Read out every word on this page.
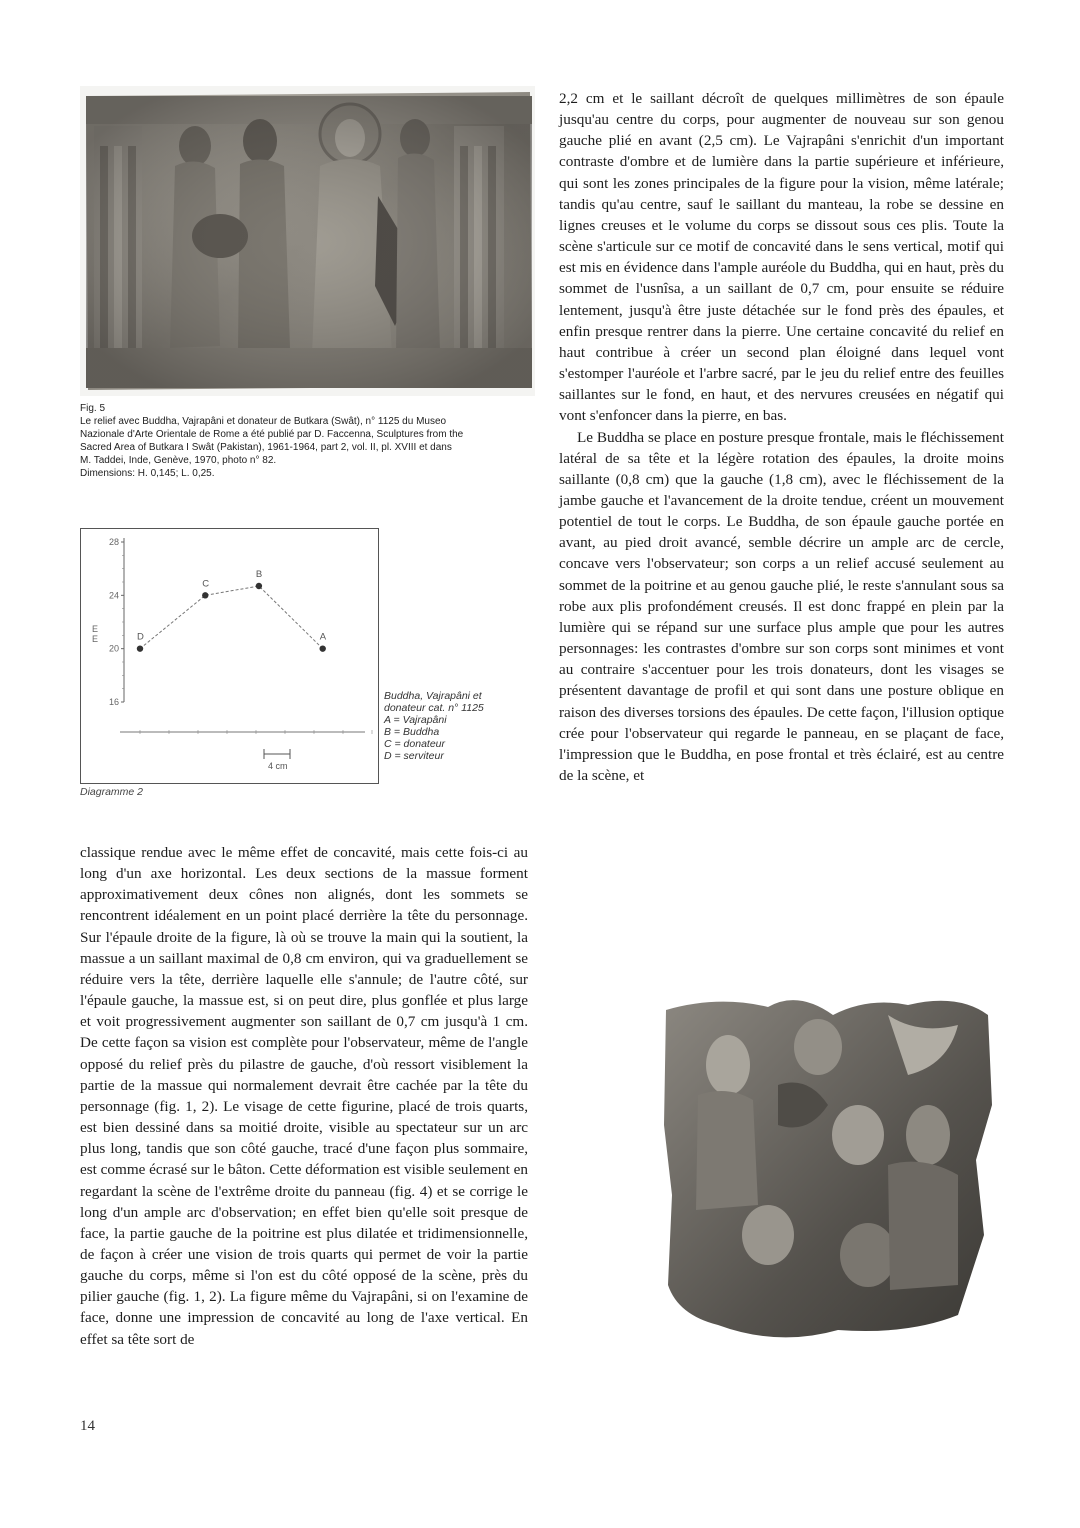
Fig. 5
Le relief avec Buddha, Vajrapâni et donateur de Butkara (Swât), n° 1125 du Museo
Nazionale d'Arte Orientale de Rome a été publié par D. Faccenna, Sculptures from the
Sacred Area of Butkara I Swât (Pakistan), 1961-1964, part 2, vol. II, pl. XVIII et dans
M. Taddei, Inde, Genève, 1970, photo n° 82.
Dimensions: H. 0,145; L. 0,25.
16
20
24
28
E
E
4 cm
D
C
B
A
Buddha, Vajrapâni et
donateur cat. n° 1125
A = Vajrapâni
B = Buddha
C = donateur
D = serviteur
Diagramme 2

2,2 cm et le saillant décroît de quelques millimètres de son épaule jusqu'au centre du corps, pour augmenter de nouveau sur son genou gauche plié en avant (2,5 cm). Le Vajrapâni s'enrichit d'un important contraste d'ombre et de lumière dans la partie supérieure et inférieure, qui sont les zones principales de la figure pour la vision, même latérale; tandis qu'au centre, sauf le saillant du manteau, la robe se dessine en lignes creuses et le volume du corps se dissout sous ces plis. Toute la scène s'articule sur ce motif de concavité dans le sens vertical, motif qui est mis en évidence dans l'ample auréole du Buddha, qui en haut, près du sommet de l'usnîsa, a un saillant de 0,7 cm, pour ensuite se réduire lentement, jusqu'à être juste détachée sur le fond près des épaules, et enfin presque rentrer dans la pierre. Une certaine concavité du relief en haut contribue à créer un second plan éloigné dans lequel vont s'estomper l'auréole et l'arbre sacré, par le jeu du relief entre des feuilles saillantes sur le fond, en haut, et des nervures creusées en négatif qui vont s'enfoncer dans la pierre, en bas.

Le Buddha se place en posture presque frontale, mais le fléchissement latéral de sa tête et la légère rotation des épaules, la droite moins saillante (0,8 cm) que la gauche (1,8 cm), avec le fléchissement de la jambe gauche et l'avancement de la droite tendue, créent un mouvement potentiel de tout le corps. Le Buddha, de son épaule gauche portée en avant, au pied droit avancé, semble décrire un ample arc de cercle, concave vers l'observateur; son corps a un relief accusé seulement au sommet de la poitrine et au genou gauche plié, le reste s'annulant sous sa robe aux plis profondément creusés. Il est donc frappé en plein par la lumière qui se répand sur une surface plus ample que pour les autres personnages: les contrastes d'ombre sur son corps sont minimes et vont au contraire s'accentuer pour les trois donateurs, dont les visages se présentent davantage de profil et qui sont dans une posture oblique en raison des diverses torsions des épaules. De cette façon, l'illusion optique crée pour l'observateur qui regarde le panneau, en se plaçant de face, l'impression que le Buddha, en pose frontal et très éclairé, est au centre de la scène, et

classique rendue avec le même effet de concavité, mais cette fois-ci au long d'un axe horizontal. Les deux sections de la massue forment approximativement deux cônes non alignés, dont les sommets se rencontrent idéalement en un point placé derrière la tête du personnage. Sur l'épaule droite de la figure, là où se trouve la main qui la soutient, la massue a un saillant maximal de 0,8 cm environ, qui va graduellement se réduire vers la tête, derrière laquelle elle s'annule; de l'autre côté, sur l'épaule gauche, la massue est, si on peut dire, plus gonflée et plus large et voit progressivement augmenter son saillant de 0,7 cm jusqu'à 1 cm. De cette façon sa vision est complète pour l'observateur, même de l'angle opposé du relief près du pilastre de gauche, d'où ressort visiblement la partie de la massue qui normalement devrait être cachée par la tête du personnage (fig. 1, 2). Le visage de cette figurine, placé de trois quarts, est bien dessiné dans sa moitié droite, visible au spectateur sur un arc plus long, tandis que son côté gauche, tracé d'une façon plus sommaire, est comme écrasé sur le bâton. Cette déformation est visible seulement en regardant la scène de l'extrême droite du panneau (fig. 4) et se corrige le long d'un ample arc d'observation; en effet bien qu'elle soit presque de face, la partie gauche de la poitrine est plus dilatée et tridimensionnelle, de façon à créer une vision de trois quarts qui permet de voir la partie gauche du corps, même si l'on est du côté opposé de la scène, près du pilier gauche (fig. 1, 2). La figure même du Vajrapâni, si on l'examine de face, donne une impression de concavité au long de l'axe vertical. En effet sa tête sort de

14
